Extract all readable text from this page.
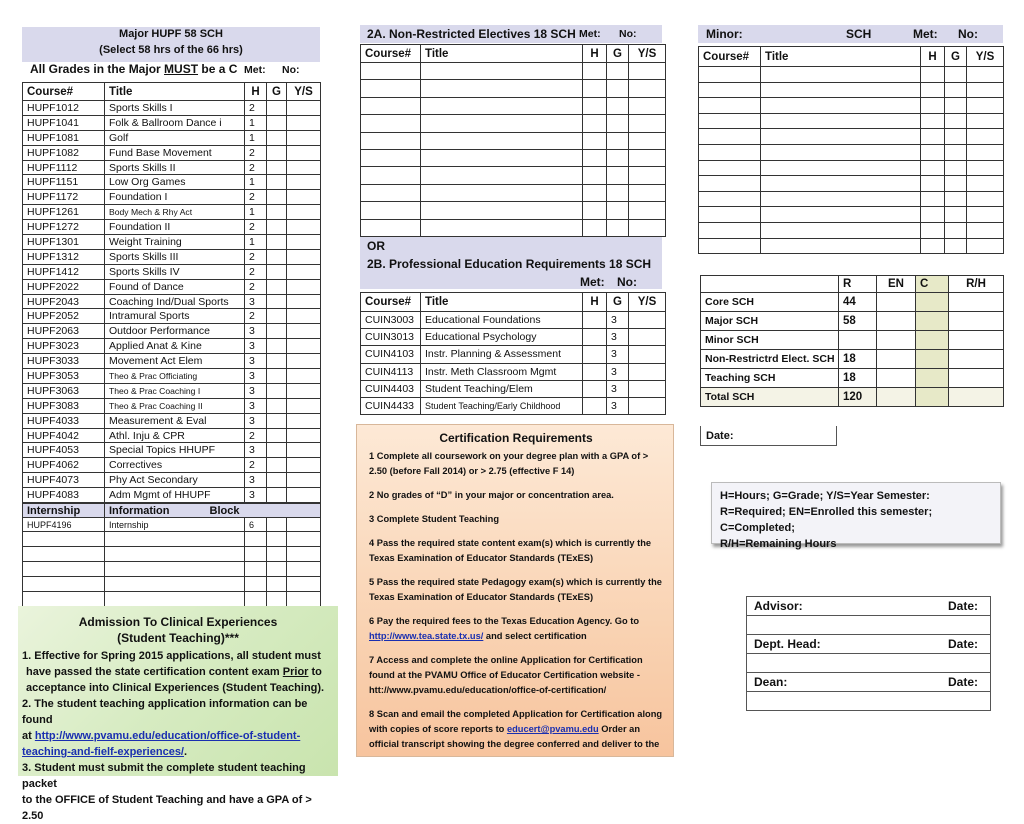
Major HUPF 58 SCH
(Select 58 hrs of the 66 hrs)
All Grades in the Major MUST be a C Met: No:
Course#	Title	H	G	Y/S
HUPF1012	Sports Skills I	2		
HUPF1041	Folk & Ballroom Dance i	1		
HUPF1081	Golf	1		
HUPF1082	Fund Base Movement	2		
HUPF1112	Sports Skills II	2		
HUPF1151	Low Org Games	1		
HUPF1172	Foundation I	2		
HUPF1261	Body Mech & Rhy Act	1		
HUPF1272	Foundation II	2		
HUPF1301	Weight Training	1		
HUPF1312	Sports Skills III	2		
HUPF1412	Sports Skills IV	2		
HUPF2022	Found of Dance	2		
HUPF2043	Coaching Ind/Dual Sports	3		
HUPF2052	Intramural Sports	2		
HUPF2063	Outdoor Performance	3		
HUPF3023	Applied Anat & Kine	3		
HUPF3033	Movement Act Elem	3		
HUPF3053	Theo & Prac Officiating	3		
HUPF3063	Theo & Prac Coaching I	3		
HUPF3083	Theo & Prac Coaching II	3		
HUPF4033	Measurement & Eval	3		
HUPF4042	Athl. Inju & CPR	2		
HUPF4053	Special Topics HHUPF	3		
HUPF4062	Correctives	2		
HUPF4073	Phy Act Secondary	3		
HUPF4083	Adm Mgmt of HHUPF	3		
Internship	Information Block			
HUPF4196	Internship	6		

Admission To Clinical Experiences

(Student Teaching)***

1. Effective for Spring 2015 applications, all student must

have passed the state certification content exam Prior to

acceptance into Clinical Experiences (Student Teaching).

2. The student teaching application information can be found

at http://www.pvamu.edu/education/office-of-student-

teaching-and-fielf-experiences/.

3. Student must submit the complete student teaching packet

to the OFFICE of Student Teaching and have a GPA of > 2.50

2A. Non-Restricted Electives 18 SCH Met: No:
Course#	Title	H	G	Y/S

OR
2B. Professional Education Requirements 18 SCH
Met: No:
Course#	Title	H	G	Y/S
CUIN3003	Educational Foundations		3	
CUIN3013	Educational Psychology		3	
CUIN4103	Instr. Planning & Assessment		3	
CUIN4113	Instr. Meth Classroom Mgmt		3	
CUIN4403	Student Teaching/Elem		3	
CUIN4433	Student Teaching/Early Childhood		3	
Certification Requirements

1 Complete all coursework on your degree plan with a GPA of >
2.50 (before Fall 2014) or > 2.75 (effective F 14)

2 No grades of “D” in your major or concentration area.

3 Complete Student Teaching

4 Pass the required state content exam(s) which is currently the
Texas Examination of Educator Standards (TExES)

5 Pass the required state Pedagogy exam(s) which is currently the
Texas Examination of Educator Standards (TExES)

6 Pay the required fees to the Texas Education Agency. Go to
http://www.tea.state.tx.us/ and select certification

7 Access and complete the online Application for Certification
found at the PVAMU Office of Educator Certification website -
htt://www.pvamu.edu/education/office-of-certification/

8 Scan and email the completed Application for Certification along
with copies of score reports to educert@pvamu.edu Order an
official transcript showing the degree conferred and deliver to the

Minor:	SCH	Met: No:
Course#	Title	H	G	Y/S

	R	EN	C	R/H
Core SCH	44			
Major SCH	58			
Minor SCH				
Non-Restrictrd Elect. SCH	18			
Teaching SCH	18			
Total SCH	120			
Date:
H=Hours; G=Grade; Y/S=Year Semester:
R=Required; EN=Enrolled this semester; C=Completed;
R/H=Remaining Hours
Advisor:	Date:

Dept. Head:	Date:

Dean:	Date:
